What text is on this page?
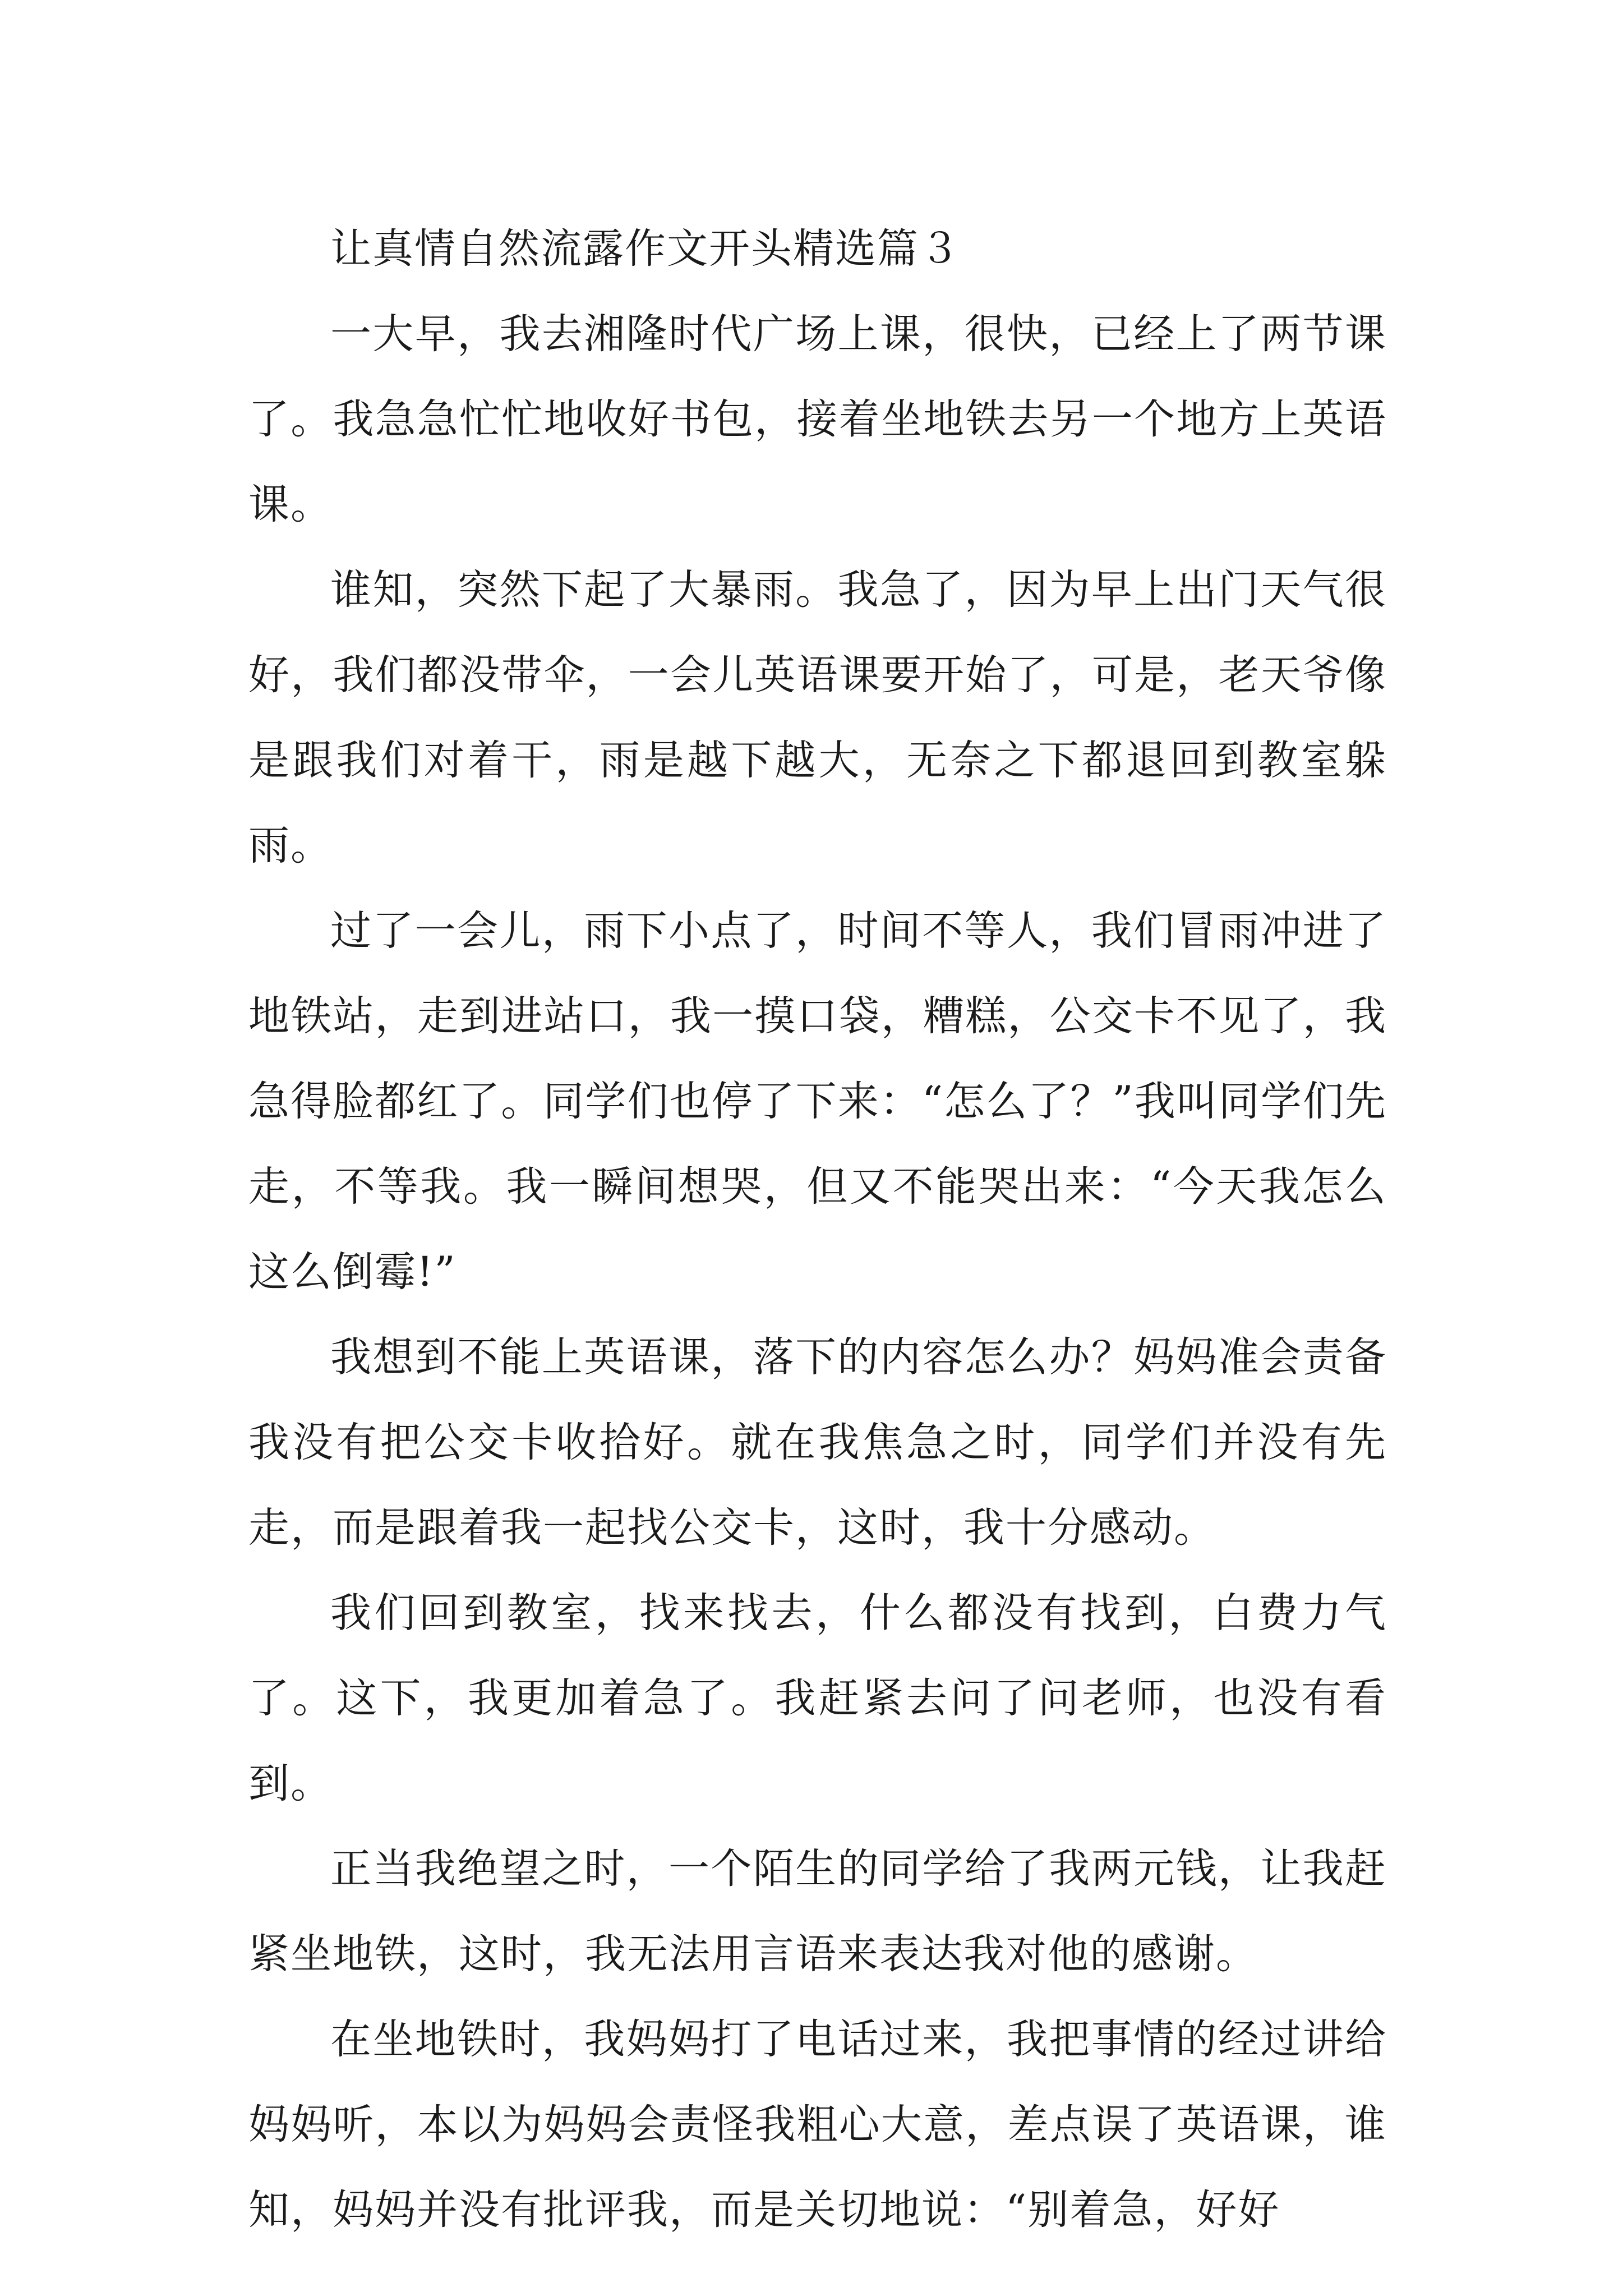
让真情自然流露作文开头精选篇３

一大早，我去湘隆时代广场上课，很快，已经上了两节课了。我急急忙忙地收好书包，接着坐地铁去另一个地方上英语课。

谁知，突然下起了大暴雨。我急了，因为早上出门天气很好，我们都没带伞，一会儿英语课要开始了，可是，老天爷像是跟我们对着干，雨是越下越大，无奈之下都退回到教室躲雨。

过了一会儿，雨下小点了，时间不等人，我们冒雨冲进了地铁站，走到进站口，我一摸口袋，糟糕，公交卡不见了，我急得脸都红了。同学们也停了下来：“怎么了？”我叫同学们先走，不等我。我一瞬间想哭，但又不能哭出来：“今天我怎么这么倒霉!”

我想到不能上英语课，落下的内容怎么办？妈妈准会责备我没有把公交卡收拾好。就在我焦急之时，同学们并没有先走，而是跟着我一起找公交卡，这时，我十分感动。

我们回到教室，找来找去，什么都没有找到，白费力气了。这下，我更加着急了。我赶紧去问了问老师，也没有看到。

正当我绝望之时，一个陌生的同学给了我两元钱，让我赶紧坐地铁，这时，我无法用言语来表达我对他的感谢。

在坐地铁时，我妈妈打了电话过来，我把事情的经过讲给妈妈听，本以为妈妈会责怪我粗心大意，差点误了英语课，谁知，妈妈并没有批评我，而是关切地说：“别着急，好好
